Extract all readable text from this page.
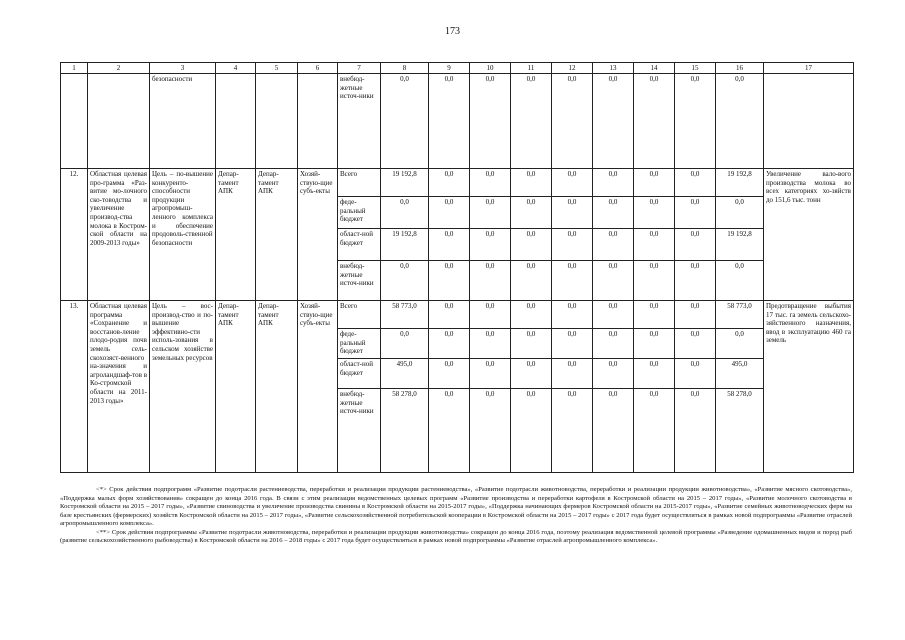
173
1	2	3	4	5	6	7	8	9	10	11	12	13	14	15	16	17
		безопасности				внебюд-жетные источ-ники	0,0	0,0	0,0	0,0	0,0	0,0	0,0	0,0	0,0	
12.	Областная целевая про-грамма «Раз-витие мо-лочного ско-товодства и увеличение производ-ства молока в Костром-ской области на 2009-2013 годы»	Цель – по-вышение конкуренто-способности продукции агропромыш-ленного комплекса и обеспечение продоволь-ственной безопасности	Депар-тамент АПК	Депар-тамент АПК	Хозяй-ствую-щие субъ-екты	Всего	19 192,8	0,0	0,0	0,0	0,0	0,0	0,0	0,0	19 192,8	Увеличение вало-вого производства молока во всех категориях хо-зяйств до 151,6 тыс. тонн
						феде-ральный бюджет	0,0	0,0	0,0	0,0	0,0	0,0	0,0	0,0	0,0	
						област-ной бюджет	19 192,8	0,0	0,0	0,0	0,0	0,0	0,0	0,0	19 192,8	
						внебюд-жетные источ-ники	0,0	0,0	0,0	0,0	0,0	0,0	0,0	0,0	0,0	
13.	Областная целевая программа «Сохранение и восстанов-ление плодо-родия почв земель сель-скохозяст-венного на-значения и агроландшаф-тов в Ко-стромской области на 2011-2013 годы»	Цель – вос-производ-ство и по-вышение эффективно-сти исполь-зования в сельском хозяйстве земельных ресурсов	Депар-тамент АПК	Депар-тамент АПК	Хозяй-ствую-щие субъ-екты	Всего	58 773,0	0,0	0,0	0,0	0,0	0,0	0,0	0,0	58 773,0	Предотвращение выбытия 17 тыс. га земель сельскохо-зяйственного назначения, ввод в эксплуатацию 460 га земель
						феде-ральный бюджет	0,0	0,0	0,0	0,0	0,0	0,0	0,0	0,0	0,0	
						област-ной бюджет	495,0	0,0	0,0	0,0	0,0	0,0	0,0	0,0	495,0	
						внебюд-жетные источ-ники	58 278,0	0,0	0,0	0,0	0,0	0,0	0,0	0,0	58 278,0	

<*> Срок действия подпрограмм «Развитие подотрасли растениеводства, переработки и реализации продукции растениеводства», «Развитие подотрасли животноводства, переработки и реализации продукции животноводства», «Развитие мясного скотоводства», «Поддержка малых форм хозяйствования» сокращен до конца 2016 года. В связи с этим реализация ведомственных целевых программ «Развитие производства и переработки картофеля в Костромской области на 2015 – 2017 годы», «Развитие молочного скотоводства в Костромской области на 2015 – 2017 годы», «Развитие свиноводства и увеличение производства свинины в Костромской области на 2015-2017 годы», «Поддержка начинающих фермеров Костромской области на 2015-2017 годы», «Развитие семейных животноводческих ферм на базе крестьянских (фермерских) хозяйств Костромской области на 2015 – 2017 годы», «Развитие сельскохозяйственной потребительской кооперации в Костромской области на 2015 – 2017 годы» с 2017 года будет осуществляться в рамках новой подпрограммы «Развитие отраслей агропромышленного комплекса».

<**> Срок действия подпрограммы «Развитие подотрасли животноводства, переработки и реализации продукции животноводства» сокращен до конца 2016 года, поэтому реализация ведомственной целевой программы «Разведение одомашненных видов и пород рыб (развитие сельскохозяйственного рыбоводства) в Костромской области на 2016 – 2018 годы» с 2017 года будет осуществляться в рамках новой подпрограммы «Развитие отраслей агропромышленного комплекса».
